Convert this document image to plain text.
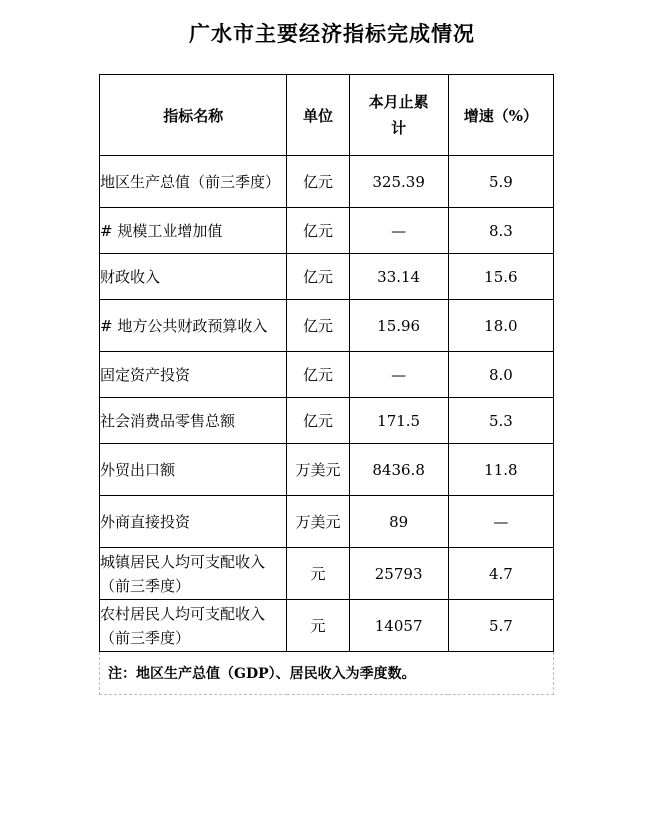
广水市主要经济指标完成情况
指标名称	单位	本月止累计	增速（%）
地区生产总值（前三季度）	亿元	325.39	5.9
# 规模工业增加值	亿元	—	8.3
财政收入	亿元	33.14	15.6
# 地方公共财政预算收入	亿元	15.96	18.0
固定资产投资	亿元	—	8.0
社会消费品零售总额	亿元	171.5	5.3
外贸出口额	万美元	8436.8	11.8
外商直接投资	万美元	89	—
城镇居民人均可支配收入（前三季度）	元	25793	4.7
农村居民人均可支配收入（前三季度）	元	14057	5.7
注：地区生产总值（GDP）、居民收入为季度数。			
